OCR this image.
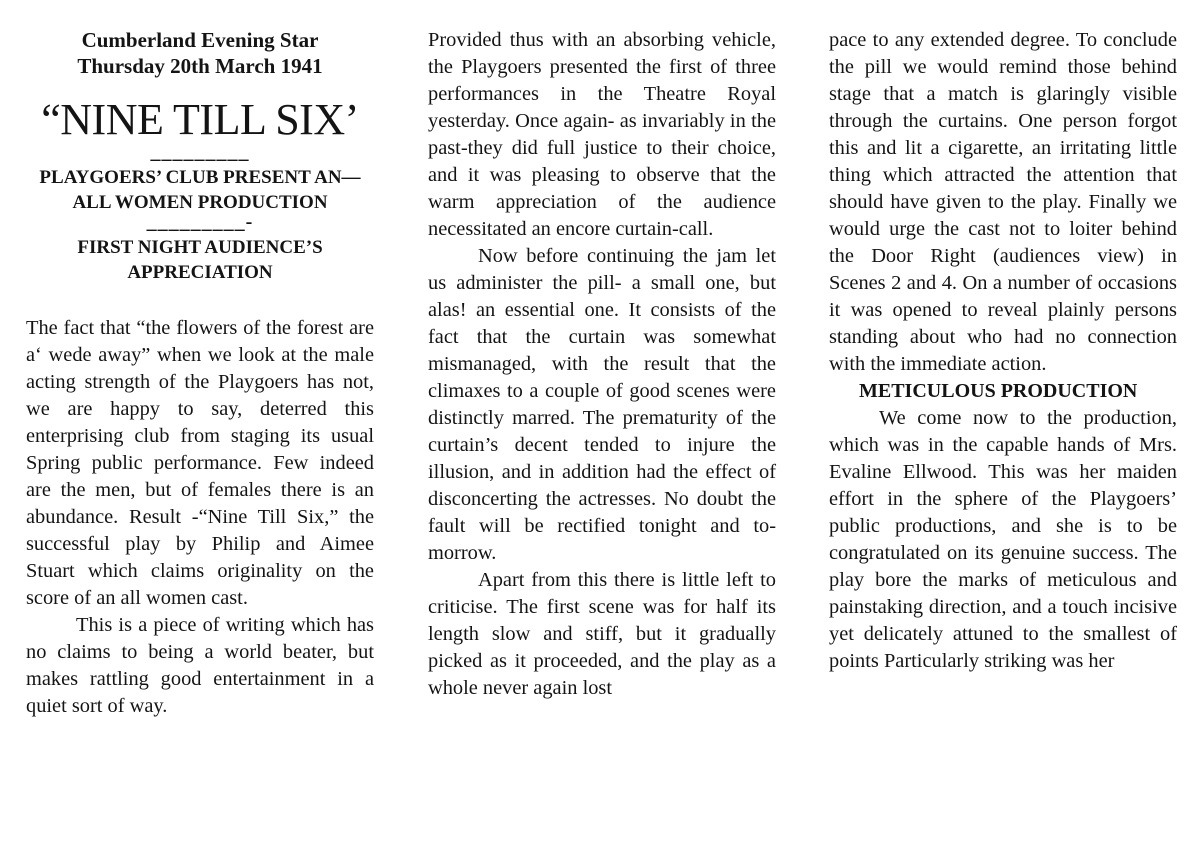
Cumberland Evening Star
Thursday 20th March 1941
“NINE TILL SIX’
_________
PLAYGOERS’ CLUB PRESENT AN— ALL WOMEN PRODUCTION
_________-
FIRST NIGHT AUDIENCE’S APPRECIATION

The fact that “the flowers of the forest are a‘ wede away” when we look at the male acting strength of the Playgoers has not, we are happy to say, deterred this enterprising club from staging its usual Spring public performance. Few indeed are the men, but of females there is an abundance. Result -“Nine Till Six,” the successful play by Philip and Aimee Stuart which claims originality on the score of an all women cast.

This is a piece of writing which has no claims to being a world beater, but makes rattling good entertainment in a quiet sort of way.

Provided thus with an absorbing vehicle, the Playgoers presented the first of three performances in the Theatre Royal yesterday. Once again- as invariably in the past-they did full justice to their choice, and it was pleasing to observe that the warm appreciation of the audience necessitated an encore curtain-call.

Now before continuing the jam let us administer the pill- a small one, but alas! an essential one. It consists of the fact that the curtain was somewhat mismanaged, with the result that the climaxes to a couple of good scenes were distinctly marred. The prematurity of the curtain’s decent tended to injure the illusion, and in addition had the effect of disconcerting the actresses. No doubt the fault will be rectified tonight and to-morrow.

Apart from this there is little left to criticise. The first scene was for half its length slow and stiff, but it gradually picked as it proceeded, and the play as a whole never again lost

pace to any extended degree. To conclude the pill we would remind those behind stage that a match is glaringly visible through the curtains. One person forgot this and lit a cigarette, an irritating little thing which attracted the attention that should have given to the play. Finally we would urge the cast not to loiter behind the Door Right (audiences view) in Scenes 2 and 4. On a number of occasions it was opened to reveal plainly persons standing about who had no connection with the immediate action.

METICULOUS PRODUCTION

We come now to the production, which was in the capable hands of Mrs. Evaline Ellwood. This was her maiden effort in the sphere of the Playgoers’ public productions, and she is to be congratulated on its genuine success. The play bore the marks of meticulous and painstaking direction, and a touch incisive yet delicately attuned to the smallest of points Particularly striking was her
